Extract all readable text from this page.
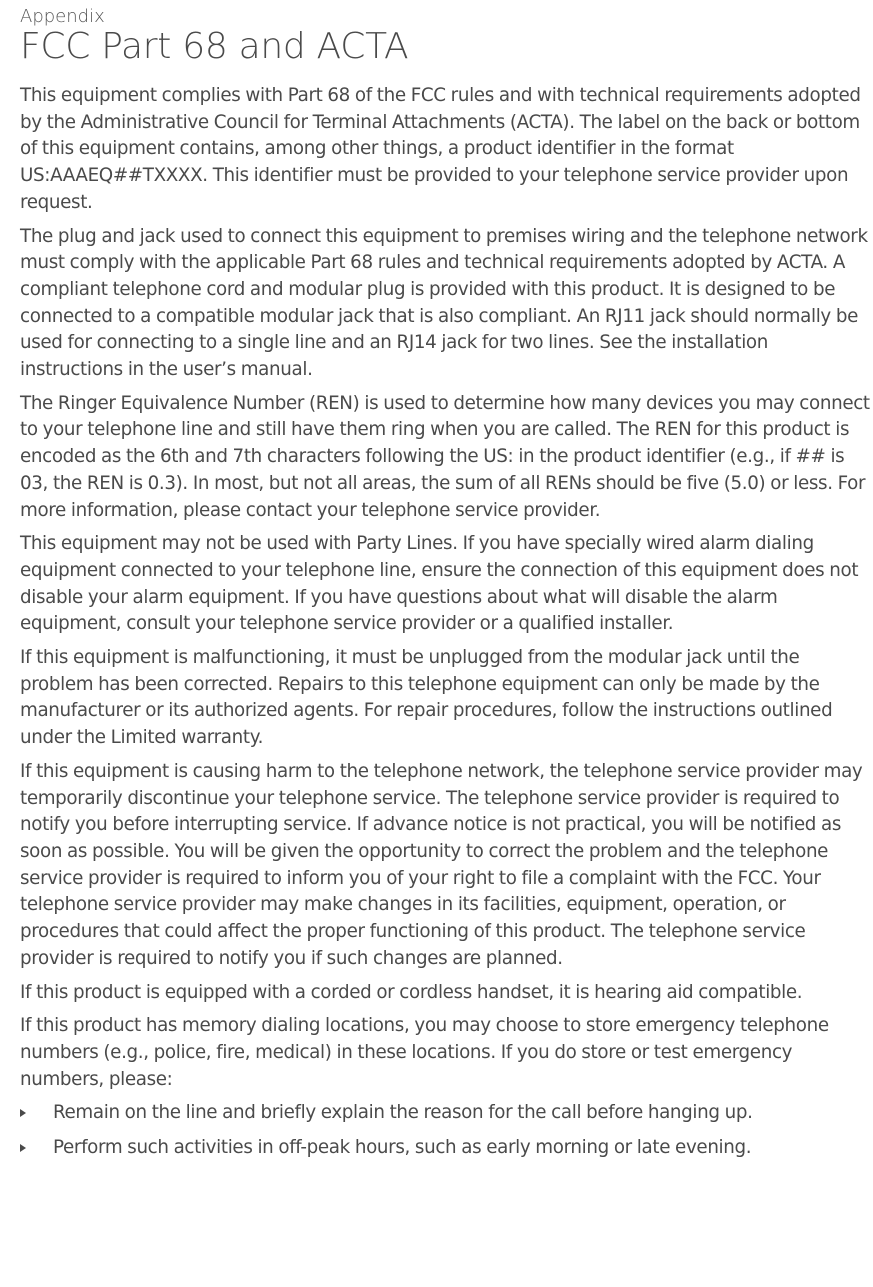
Appendix

FCC Part 68 and ACTA

This equipment complies with Part 68 of the FCC rules and with technical requirements adopted by the Administrative Council for Terminal Attachments (ACTA). The label on the back or bottom of this equipment contains, among other things, a product identifier in the format US:AAAEQ##TXXXX. This identifier must be provided to your telephone service provider upon request.

The plug and jack used to connect this equipment to premises wiring and the telephone network must comply with the applicable Part 68 rules and technical requirements adopted by ACTA. A compliant telephone cord and modular plug is provided with this product. It is designed to be connected to a compatible modular jack that is also compliant. An RJ11 jack should normally be used for connecting to a single line and an RJ14 jack for two lines. See the installation instructions in the user’s manual.

The Ringer Equivalence Number (REN) is used to determine how many devices you may connect to your telephone line and still have them ring when you are called. The REN for this product is encoded as the 6th and 7th characters following the US: in the product identifier (e.g., if ## is 03, the REN is 0.3). In most, but not all areas, the sum of all RENs should be five (5.0) or less. For more information, please contact your telephone service provider.

This equipment may not be used with Party Lines. If you have specially wired alarm dialing equipment connected to your telephone line, ensure the connection of this equipment does not disable your alarm equipment. If you have questions about what will disable the alarm equipment, consult your telephone service provider or a qualified installer.

If this equipment is malfunctioning, it must be unplugged from the modular jack until the problem has been corrected. Repairs to this telephone equipment can only be made by the manufacturer or its authorized agents. For repair procedures, follow the instructions outlined under the Limited warranty.

If this equipment is causing harm to the telephone network, the telephone service provider may temporarily discontinue your telephone service. The telephone service provider is required to notify you before interrupting service. If advance notice is not practical, you will be notified as soon as possible. You will be given the opportunity to correct the problem and the telephone service provider is required to inform you of your right to file a complaint with the FCC. Your telephone service provider may make changes in its facilities, equipment, operation, or procedures that could affect the proper functioning of this product. The telephone service provider is required to notify you if such changes are planned.

If this product is equipped with a corded or cordless handset, it is hearing aid compatible.

If this product has memory dialing locations, you may choose to store emergency telephone numbers (e.g., police, fire, medical) in these locations. If you do store or test emergency numbers, please:

Remain on the line and briefly explain the reason for the call before hanging up.
Perform such activities in off-peak hours, such as early morning or late evening.
